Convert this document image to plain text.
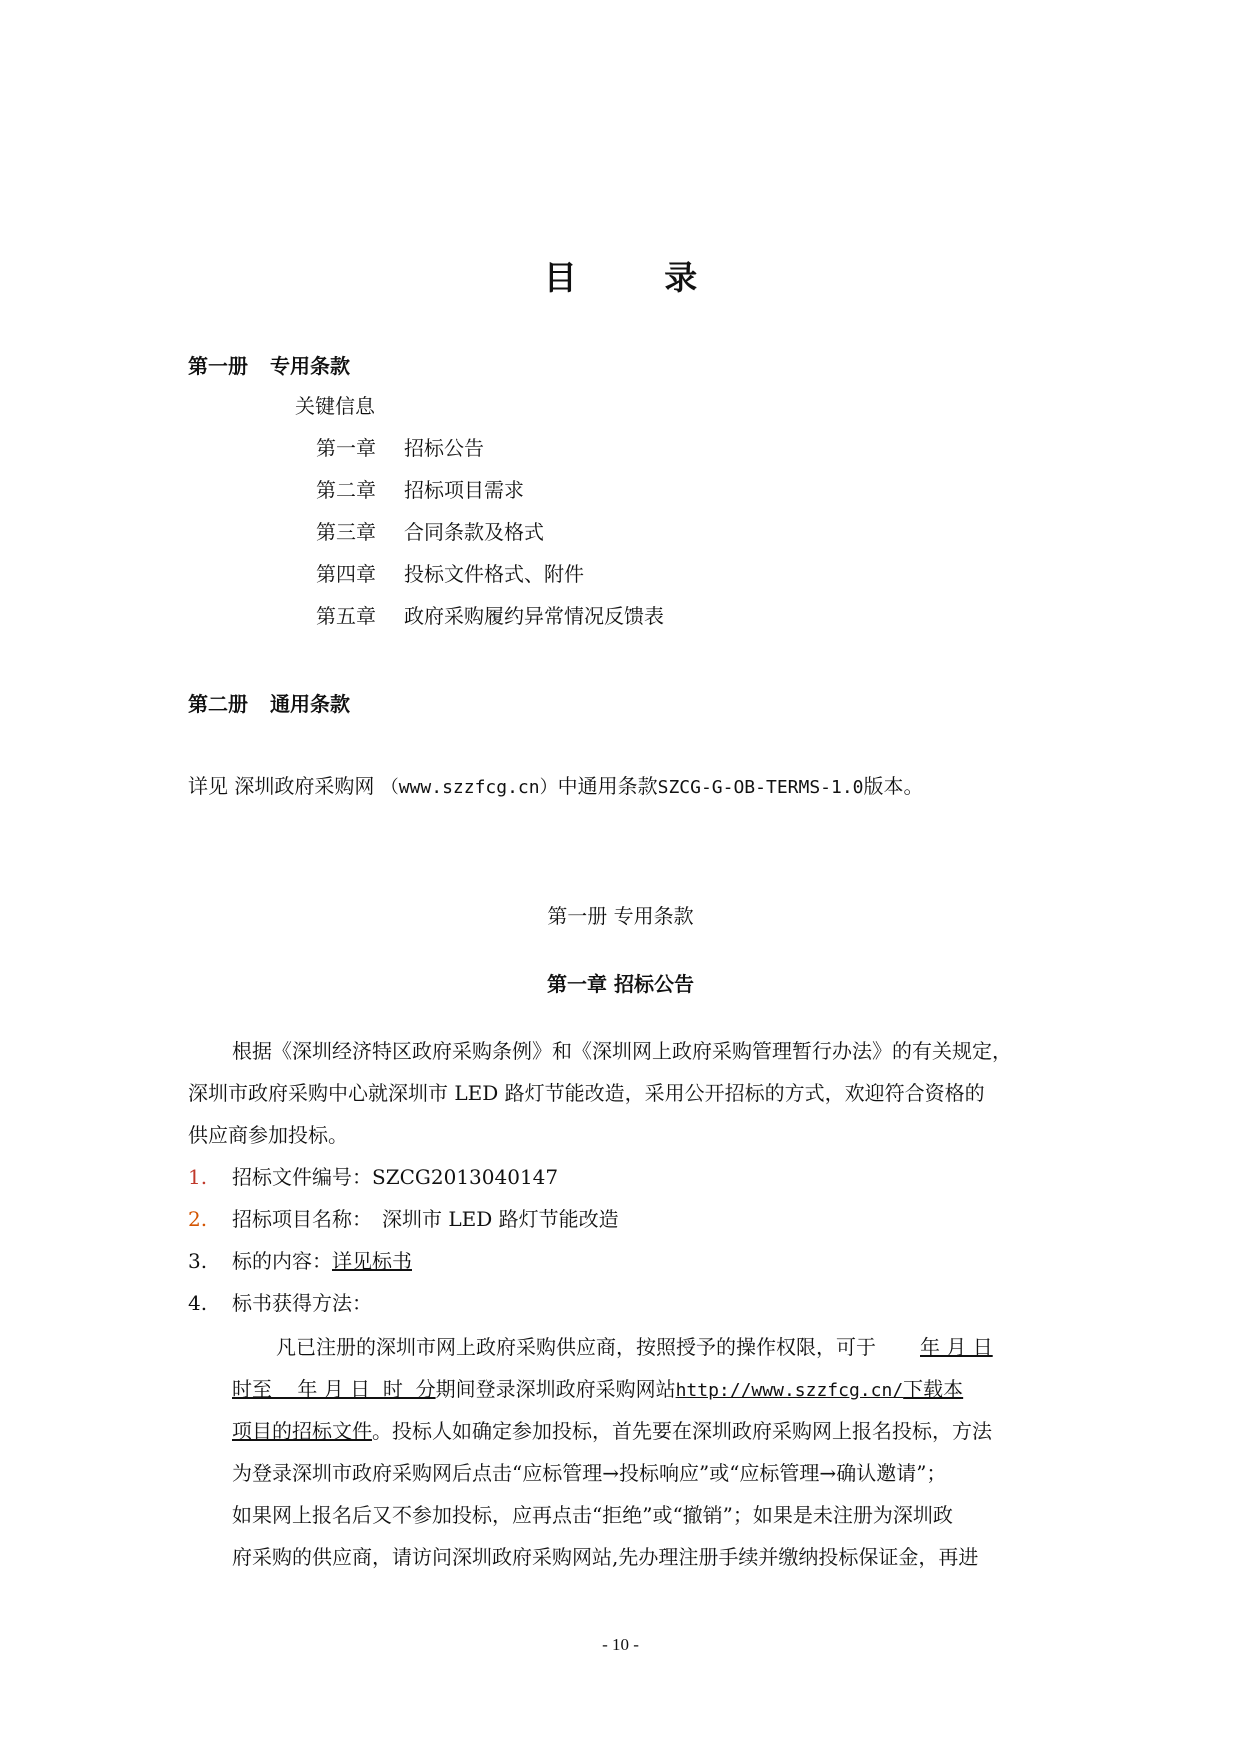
目 录
第一册 专用条款
关键信息
第一章 招标公告
第二章 招标项目需求
第三章 合同条款及格式
第四章 投标文件格式、附件
第五章 政府采购履约异常情况反馈表
第二册 通用条款
详见 深圳政府采购网 （www.szzfcg.cn）中通用条款SZCG-G-OB-TERMS-1.0版本。
第一册 专用条款
第一章 招标公告
根据《深圳经济特区政府采购条例》和《深圳网上政府采购管理暂行办法》的有关规定，
深圳市政府采购中心就深圳市 LED 路灯节能改造，采用公开招标的方式，欢迎符合资格的
供应商参加投标。
1. 招标文件编号：SZCG2013040147
2. 招标项目名称： 深圳市 LED 路灯节能改造
3. 标的内容：详见标书
4. 标书获得方法：
凡已注册的深圳市网上政府采购供应商，按照授予的操作权限，可于 年 月 日
时至    年 月 日  时  分期间登录深圳政府采购网站http://www.szzfcg.cn/下载本
项目的招标文件。投标人如确定参加投标，首先要在深圳政府采购网上报名投标，方法
为登录深圳市政府采购网后点击“应标管理→投标响应”或“应标管理→确认邀请”；
如果网上报名后又不参加投标，应再点击“拒绝”或“撤销”；如果是未注册为深圳政
府采购的供应商，请访问深圳政府采购网站,先办理注册手续并缴纳投标保证金，再进
- 10 -
